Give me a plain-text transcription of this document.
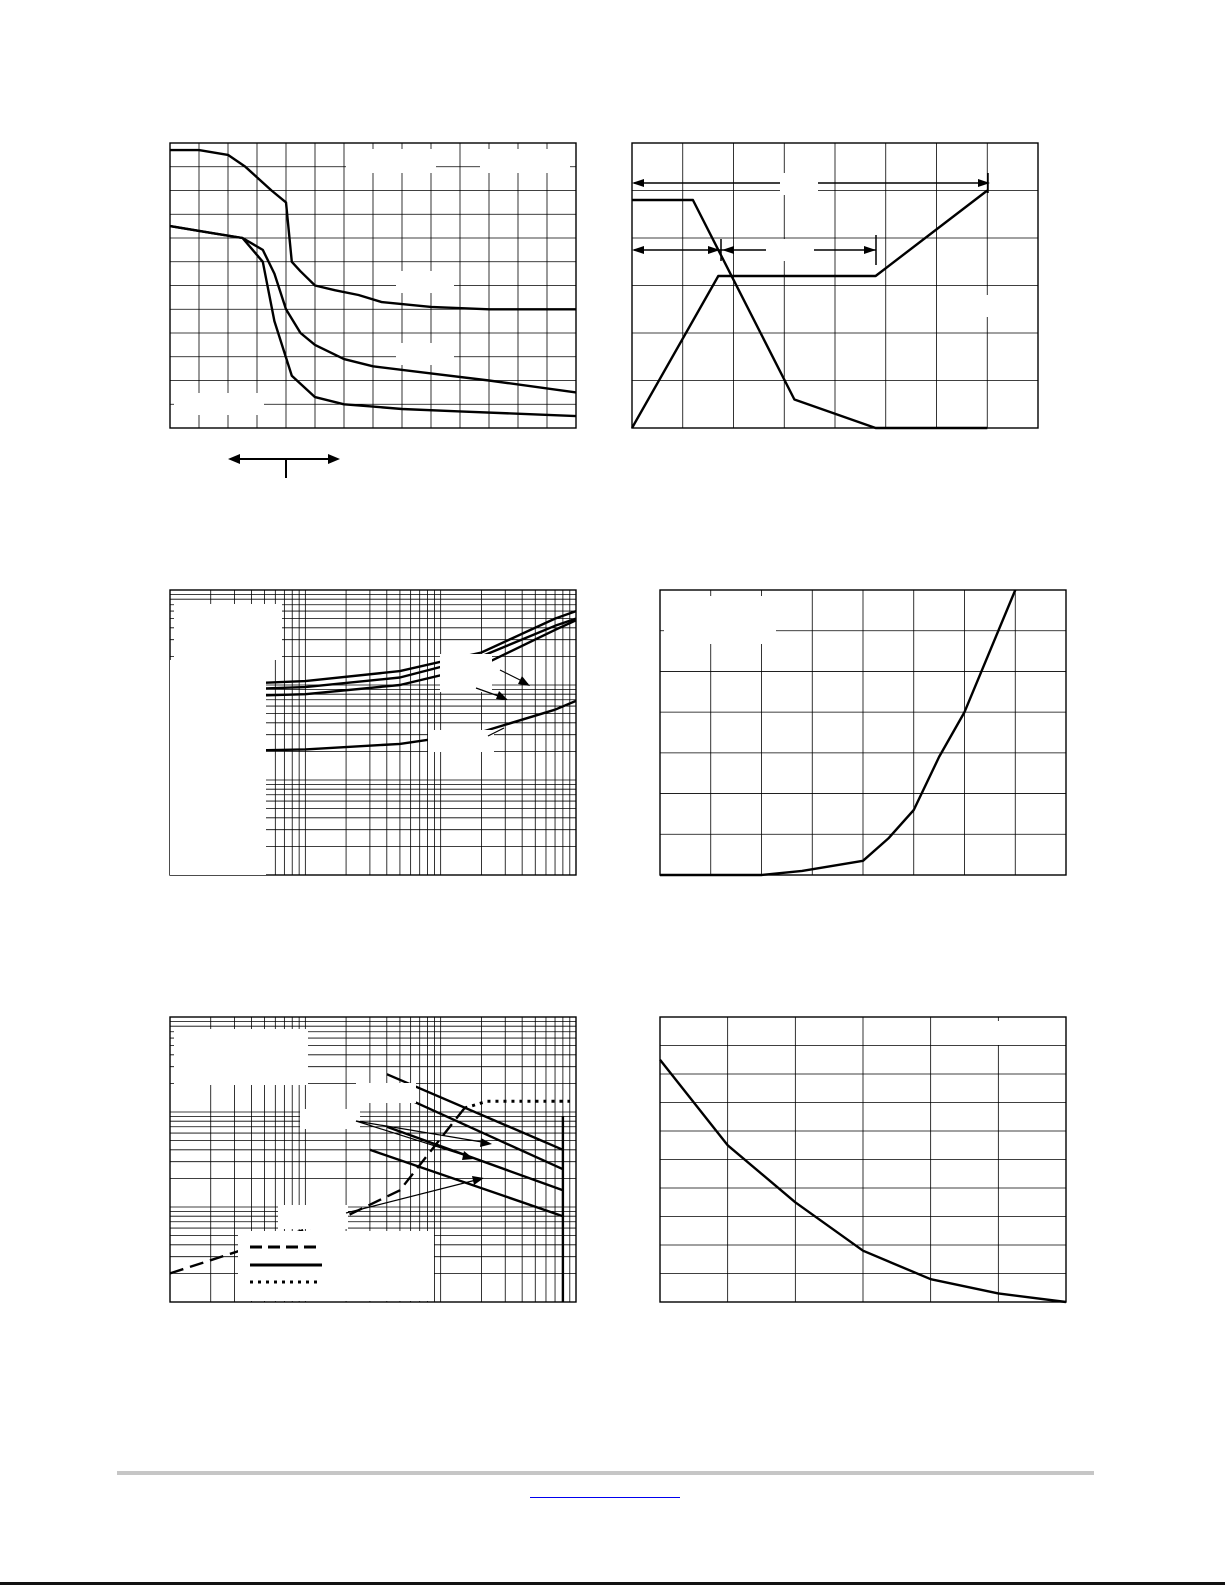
www.onsemi.com
